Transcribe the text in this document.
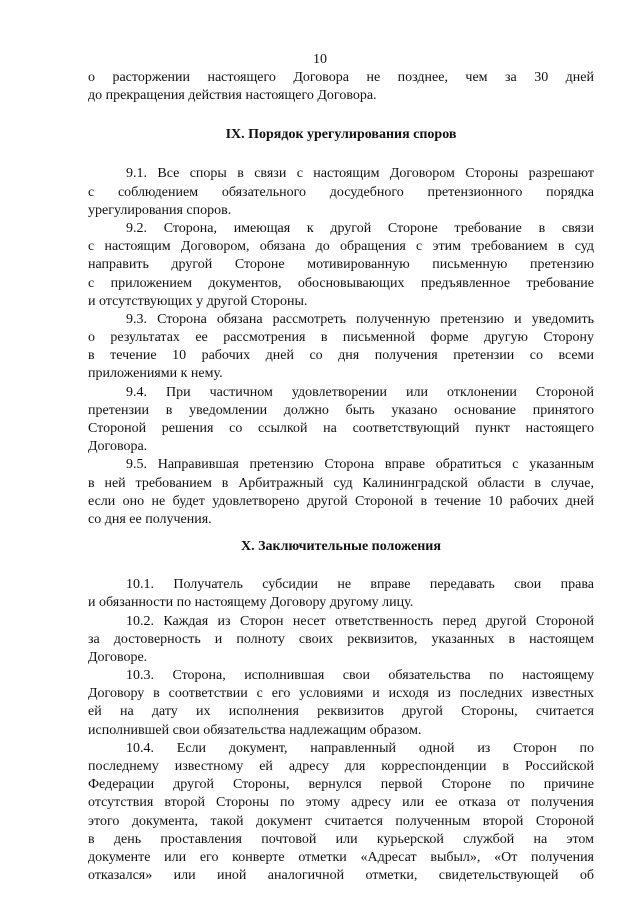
10
о расторжении настоящего Договора не позднее, чем за 30 дней
до прекращения действия настоящего Договора.
IX. Порядок урегулирования споров
9.1. Все споры в связи с настоящим Договором Стороны разрешают
с соблюдением обязательного досудебного претензионного порядка
урегулирования споров.
9.2. Сторона, имеющая к другой Стороне требование в связи
с настоящим Договором, обязана до обращения с этим требованием в суд
направить другой Стороне мотивированную письменную претензию
с приложением документов, обосновывающих предъявленное требование
и отсутствующих у другой Стороны.
9.3. Сторона обязана рассмотреть полученную претензию и уведомить
о результатах ее рассмотрения в письменной форме другую Сторону
в течение 10 рабочих дней со дня получения претензии со всеми
приложениями к нему.
9.4. При частичном удовлетворении или отклонении Стороной
претензии в уведомлении должно быть указано основание принятого
Стороной решения со ссылкой на соответствующий пункт настоящего
Договора.
9.5. Направившая претензию Сторона вправе обратиться с указанным
в ней требованием в Арбитражный суд Калининградской области в случае,
если оно не будет удовлетворено другой Стороной в течение 10 рабочих дней
со дня ее получения.
X. Заключительные положения
10.1. Получатель субсидии не вправе передавать свои права
и обязанности по настоящему Договору другому лицу.
10.2. Каждая из Сторон несет ответственность перед другой Стороной
за достоверность и полноту своих реквизитов, указанных в настоящем
Договоре.
10.3. Сторона, исполнившая свои обязательства по настоящему
Договору в соответствии с его условиями и исходя из последних известных
ей на дату их исполнения реквизитов другой Стороны, считается
исполнившей свои обязательства надлежащим образом.
10.4. Если документ, направленный одной из Сторон по
последнему известному ей адресу для корреспонденции в Российской
Федерации другой Стороны, вернулся первой Стороне по причине
отсутствия второй Стороны по этому адресу или ее отказа от получения
этого документа, такой документ считается полученным второй Стороной
в день проставления почтовой или курьерской службой на этом
документе или его конверте отметки «Адресат выбыл», «От получения
отказался» или иной аналогичной отметки, свидетельствующей об
